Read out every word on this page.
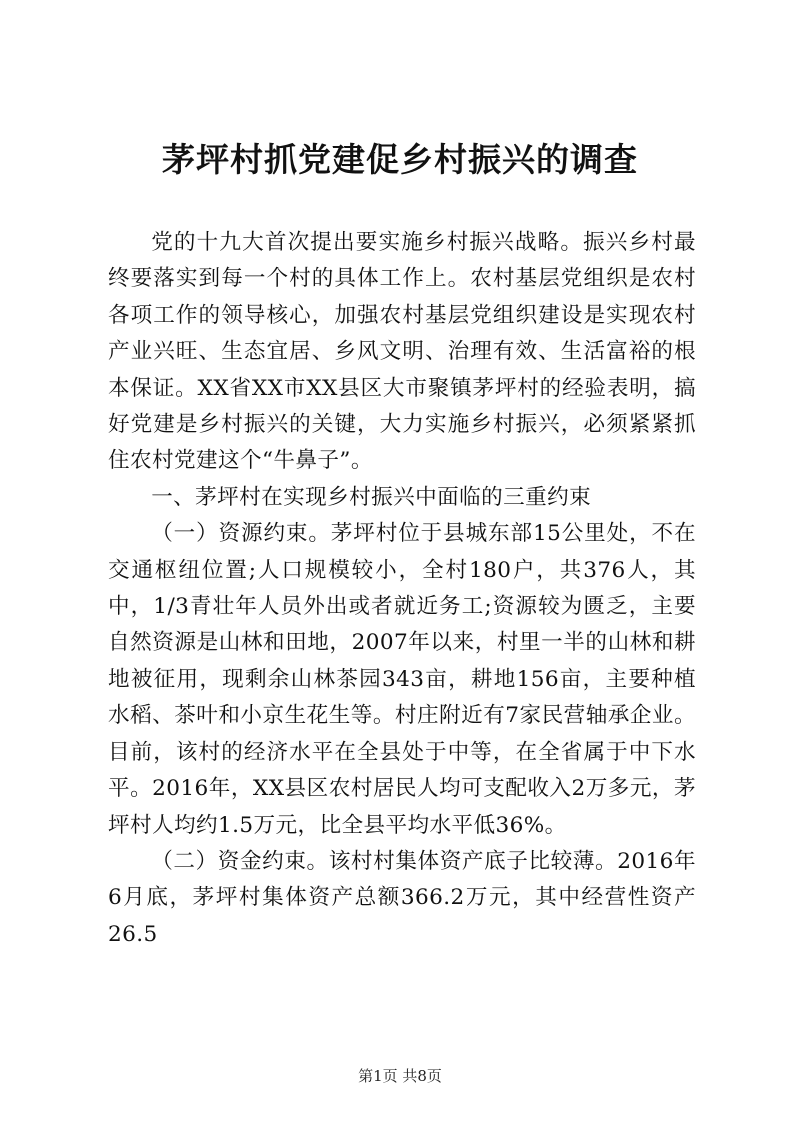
茅坪村抓党建促乡村振兴的调查

党的十九大首次提出要实施乡村振兴战略。振兴乡村最终要落实到每一个村的具体工作上。农村基层党组织是农村各项工作的领导核心，加强农村基层党组织建设是实现农村产业兴旺、生态宜居、乡风文明、治理有效、生活富裕的根本保证。XX省XX市XX县区大市聚镇茅坪村的经验表明，搞好党建是乡村振兴的关键，大力实施乡村振兴，必须紧紧抓住农村党建这个“牛鼻子”。

一、茅坪村在实现乡村振兴中面临的三重约束

（一）资源约束。茅坪村位于县城东部15公里处，不在交通枢纽位置;人口规模较小，全村180户，共376人，其中，1/3青壮年人员外出或者就近务工;资源较为匮乏，主要自然资源是山林和田地，2007年以来，村里一半的山林和耕地被征用，现剩余山林茶园343亩，耕地156亩，主要种植水稻、茶叶和小京生花生等。村庄附近有7家民营轴承企业。目前，该村的经济水平在全县处于中等，在全省属于中下水平。2016年，XX县区农村居民人均可支配收入2万多元，茅坪村人均约1.5万元，比全县平均水平低36%。

（二）资金约束。该村村集体资产底子比较薄。2016年6月底，茅坪村集体资产总额366.2万元，其中经营性资产26.5

第1页 共8页
